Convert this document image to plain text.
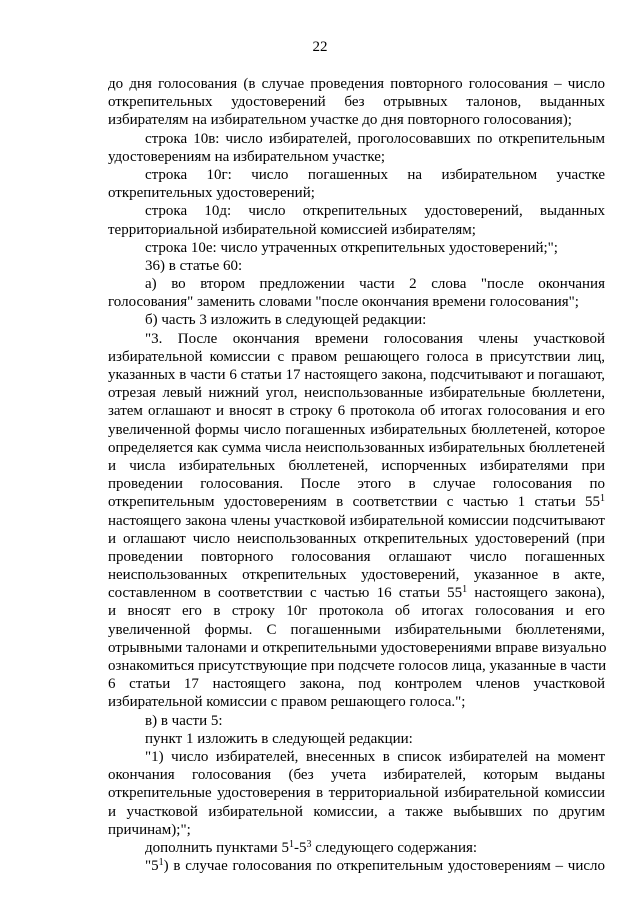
22
до дня голосования (в случае проведения повторного голосования – число
открепительных удостоверений без отрывных талонов, выданных
избирателям на избирательном участке до дня повторного голосования);
строка 10в: число избирателей, проголосовавших по открепительным
удостоверениям на избирательном участке;
строка 10г: число погашенных на избирательном участке
открепительных удостоверений;
строка 10д: число открепительных удостоверений, выданных
территориальной избирательной комиссией избирателям;
строка 10е: число утраченных открепительных удостоверений;";
36) в статье 60:
а) во втором предложении части 2 слова "после окончания
голосования" заменить словами "после окончания времени голосования";
б) часть 3 изложить в следующей редакции:
"3. После окончания времени голосования члены участковой
избирательной комиссии с правом решающего голоса в присутствии лиц,
указанных в части 6 статьи 17 настоящего закона, подсчитывают и погашают,
отрезая левый нижний угол, неиспользованные избирательные бюллетени,
затем оглашают и вносят в строку 6 протокола об итогах голосования и его
увеличенной формы число погашенных избирательных бюллетеней, которое
определяется как сумма числа неиспользованных избирательных бюллетеней
и числа избирательных бюллетеней, испорченных избирателями при
проведении голосования. После этого в случае голосования по
открепительным удостоверениям в соответствии с частью 1 статьи $55^1$
настоящего закона члены участковой избирательной комиссии подсчитывают
и оглашают число неиспользованных открепительных удостоверений (при
проведении повторного голосования оглашают число погашенных
неиспользованных открепительных удостоверений, указанное в акте,
составленном в соответствии с частью 16 статьи $55^1$ настоящего закона),
и вносят его в строку 10г протокола об итогах голосования и его
увеличенной формы. С погашенными избирательными бюллетенями,
отрывными талонами и открепительными удостоверениями вправе визуально
ознакомиться присутствующие при подсчете голосов лица, указанные в части
6 статьи 17 настоящего закона, под контролем членов участковой
избирательной комиссии с правом решающего голоса.";
в) в части 5:
пункт 1 изложить в следующей редакции:
"1) число избирателей, внесенных в список избирателей на момент
окончания голосования (без учета избирателей, которым выданы
открепительные удостоверения в территориальной избирательной комиссии
и участковой избирательной комиссии, а также выбывших по другим
причинам);";
дополнить пунктами $5^1-5^3$ следующего содержания:
"$5^1$) в случае голосования по открепительным удостоверениям – число
